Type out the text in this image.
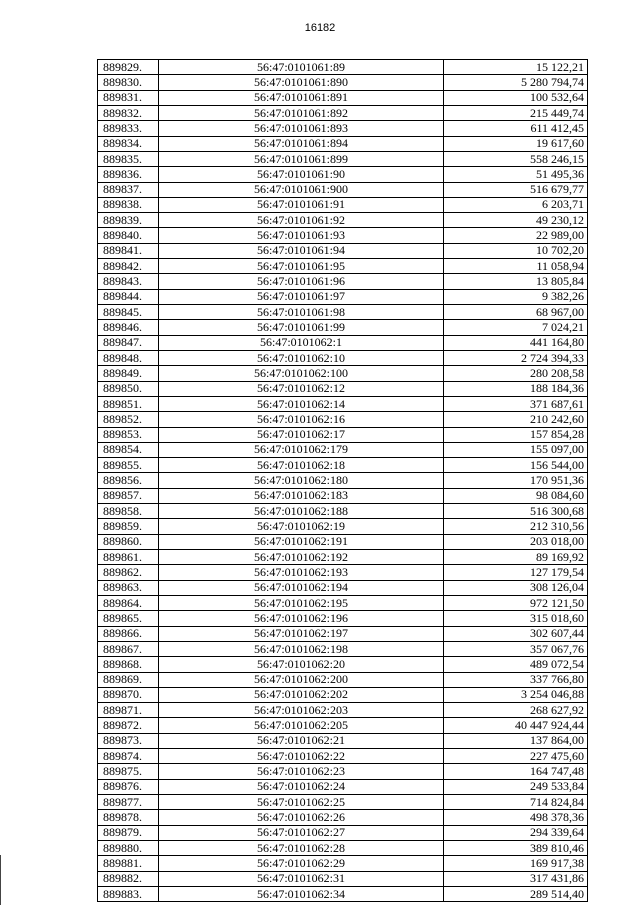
16182
889829.	56:47:0101061:89	15 122,21
889830.	56:47:0101061:890	5 280 794,74
889831.	56:47:0101061:891	100 532,64
889832.	56:47:0101061:892	215 449,74
889833.	56:47:0101061:893	611 412,45
889834.	56:47:0101061:894	19 617,60
889835.	56:47:0101061:899	558 246,15
889836.	56:47:0101061:90	51 495,36
889837.	56:47:0101061:900	516 679,77
889838.	56:47:0101061:91	6 203,71
889839.	56:47:0101061:92	49 230,12
889840.	56:47:0101061:93	22 989,00
889841.	56:47:0101061:94	10 702,20
889842.	56:47:0101061:95	11 058,94
889843.	56:47:0101061:96	13 805,84
889844.	56:47:0101061:97	9 382,26
889845.	56:47:0101061:98	68 967,00
889846.	56:47:0101061:99	7 024,21
889847.	56:47:0101062:1	441 164,80
889848.	56:47:0101062:10	2 724 394,33
889849.	56:47:0101062:100	280 208,58
889850.	56:47:0101062:12	188 184,36
889851.	56:47:0101062:14	371 687,61
889852.	56:47:0101062:16	210 242,60
889853.	56:47:0101062:17	157 854,28
889854.	56:47:0101062:179	155 097,00
889855.	56:47:0101062:18	156 544,00
889856.	56:47:0101062:180	170 951,36
889857.	56:47:0101062:183	98 084,60
889858.	56:47:0101062:188	516 300,68
889859.	56:47:0101062:19	212 310,56
889860.	56:47:0101062:191	203 018,00
889861.	56:47:0101062:192	89 169,92
889862.	56:47:0101062:193	127 179,54
889863.	56:47:0101062:194	308 126,04
889864.	56:47:0101062:195	972 121,50
889865.	56:47:0101062:196	315 018,60
889866.	56:47:0101062:197	302 607,44
889867.	56:47:0101062:198	357 067,76
889868.	56:47:0101062:20	489 072,54
889869.	56:47:0101062:200	337 766,80
889870.	56:47:0101062:202	3 254 046,88
889871.	56:47:0101062:203	268 627,92
889872.	56:47:0101062:205	40 447 924,44
889873.	56:47:0101062:21	137 864,00
889874.	56:47:0101062:22	227 475,60
889875.	56:47:0101062:23	164 747,48
889876.	56:47:0101062:24	249 533,84
889877.	56:47:0101062:25	714 824,84
889878.	56:47:0101062:26	498 378,36
889879.	56:47:0101062:27	294 339,64
889880.	56:47:0101062:28	389 810,46
889881.	56:47:0101062:29	169 917,38
889882.	56:47:0101062:31	317 431,86
889883.	56:47:0101062:34	289 514,40
